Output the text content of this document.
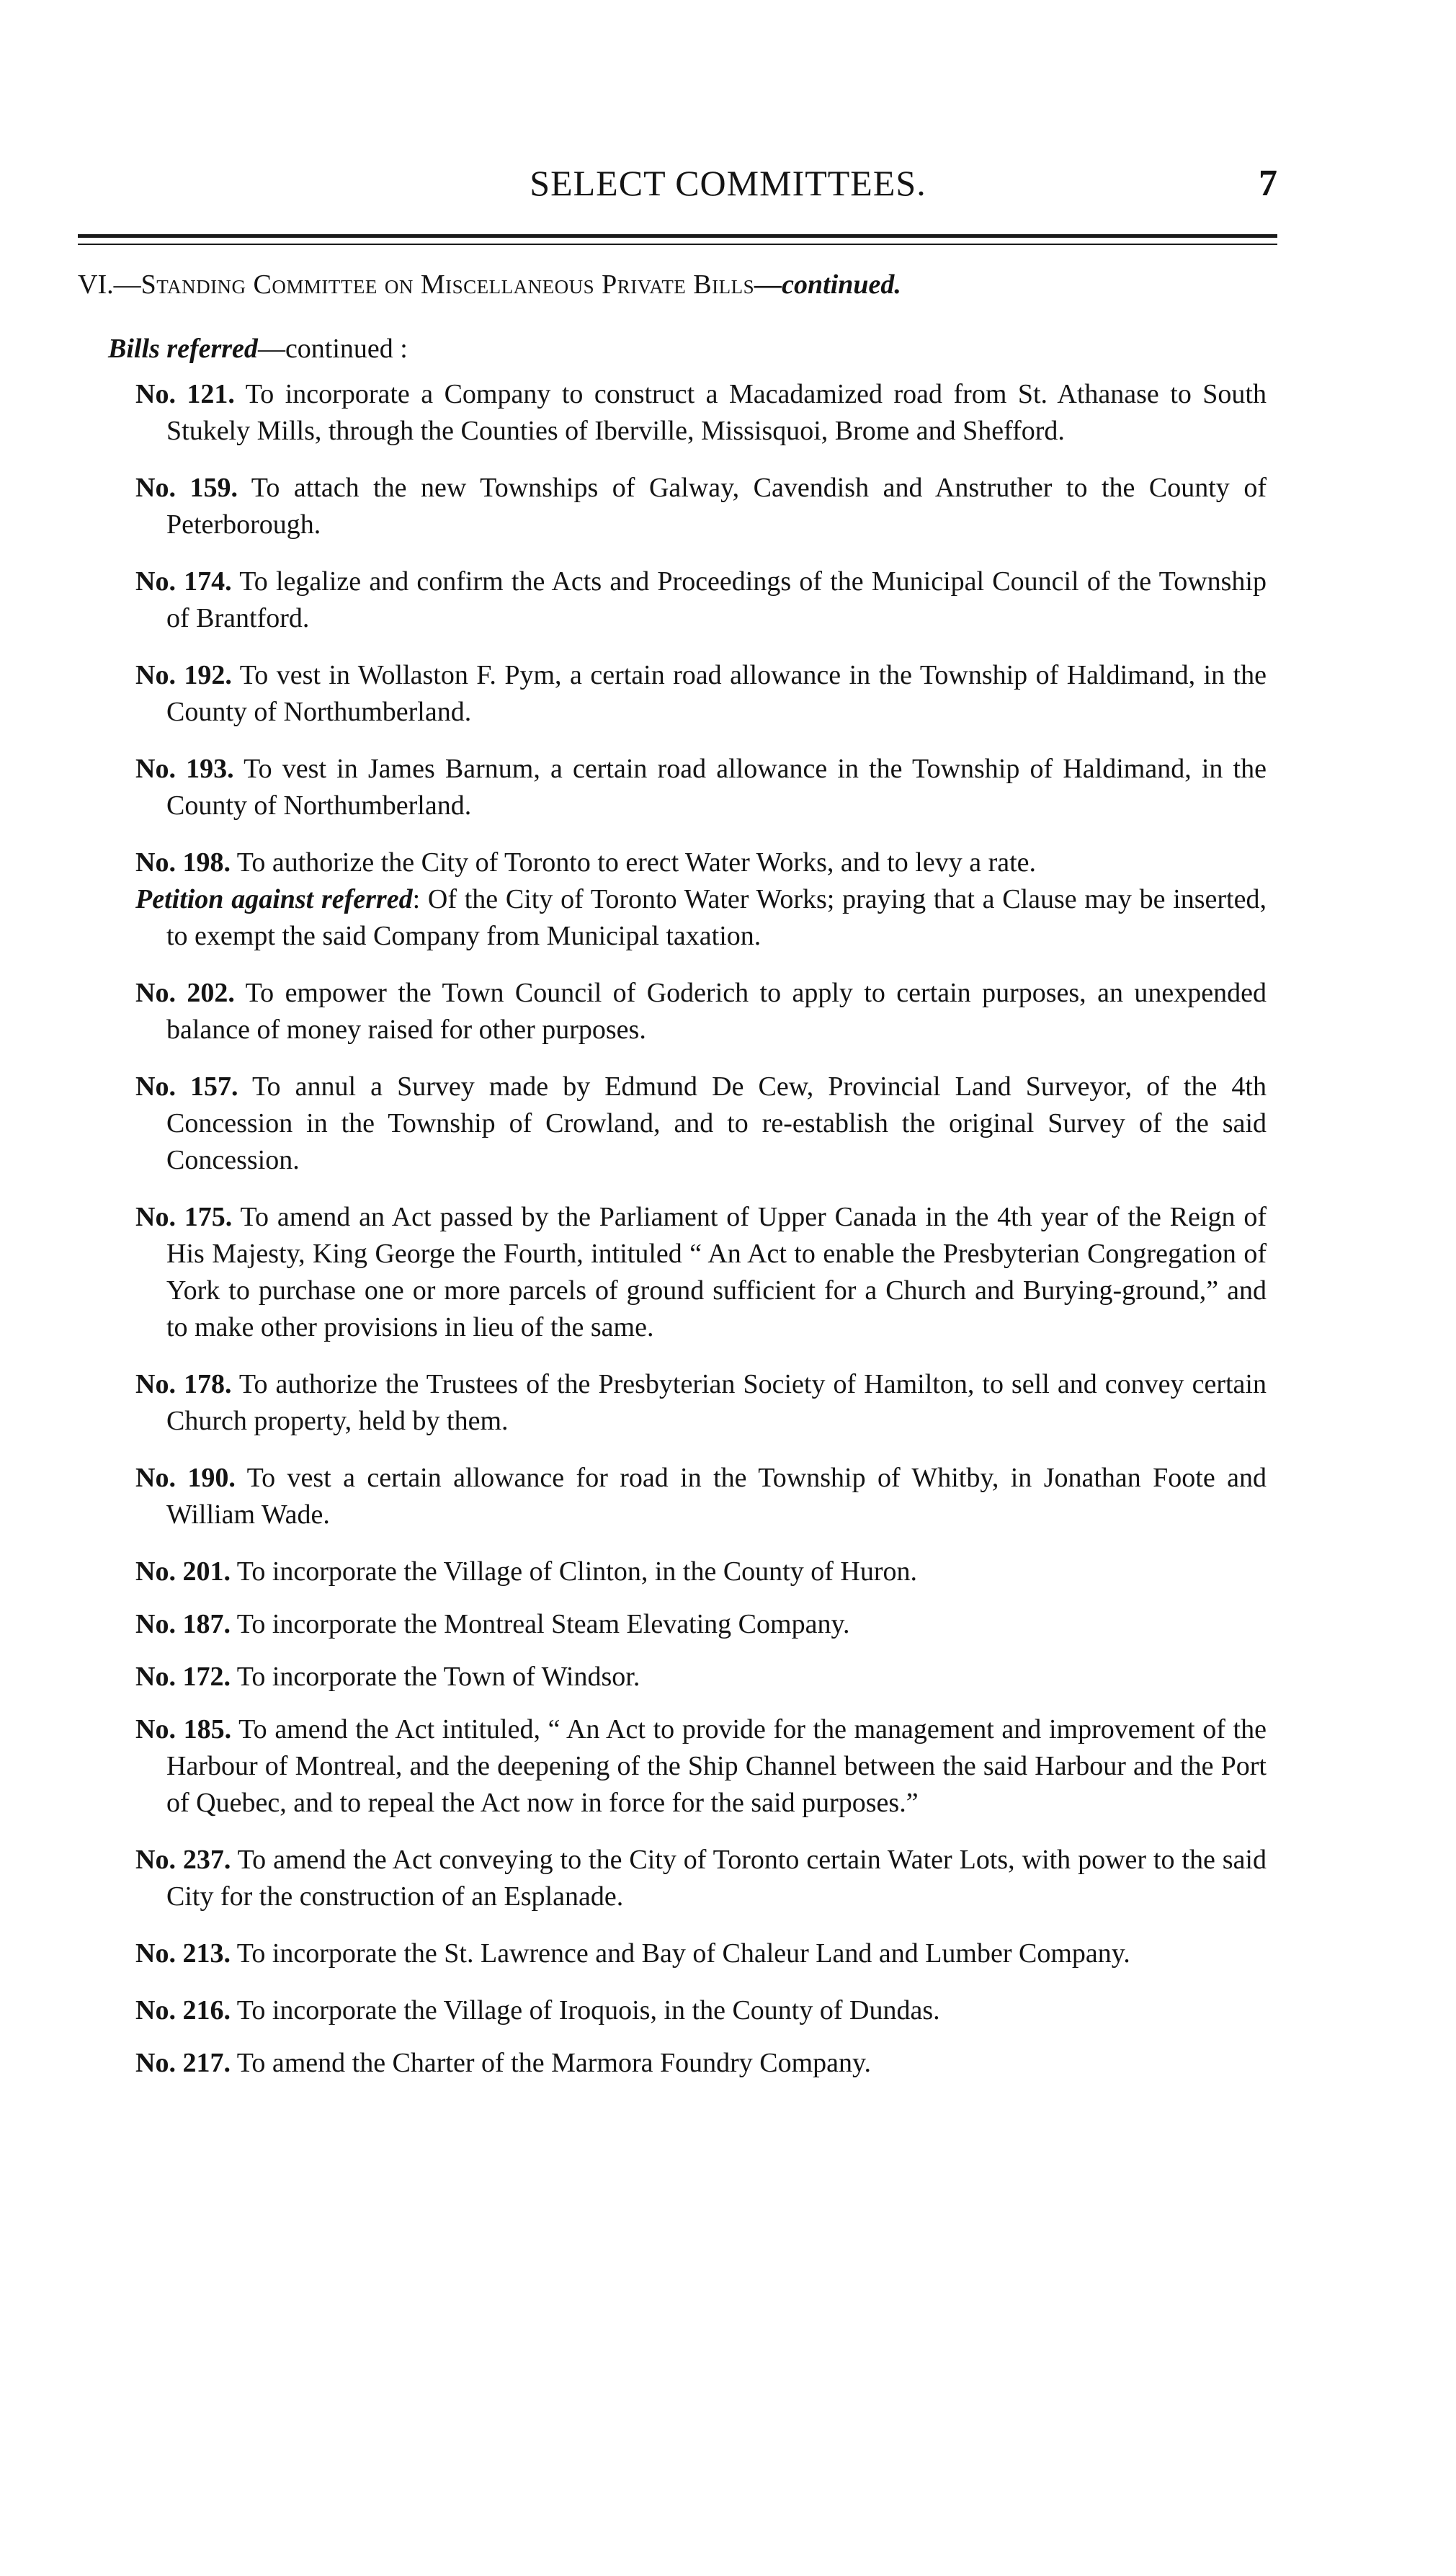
SELECT COMMITTEES.	7
VI.—Standing Committee on Miscellaneous Private Bills—continued.
Bills referred—continued :
No. 121. To incorporate a Company to construct a Macadamized road from St. Athanase to South Stukely Mills, through the Counties of Iberville, Missisquoi, Brome and Shefford.
No. 159. To attach the new Townships of Galway, Cavendish and Anstruther to the County of Peterborough.
No. 174. To legalize and confirm the Acts and Proceedings of the Municipal Council of the Township of Brantford.
No. 192. To vest in Wollaston F. Pym, a certain road allowance in the Township of Haldimand, in the County of Northumberland.
No. 193. To vest in James Barnum, a certain road allowance in the Township of Haldimand, in the County of Northumberland.
No. 198. To authorize the City of Toronto to erect Water Works, and to levy a rate.
Petition against referred: Of the City of Toronto Water Works; praying that a Clause may be inserted, to exempt the said Company from Municipal taxation.
No. 202. To empower the Town Council of Goderich to apply to certain purposes, an unexpended balance of money raised for other purposes.
No. 157. To annul a Survey made by Edmund De Cew, Provincial Land Surveyor, of the 4th Concession in the Township of Crowland, and to re-establish the original Survey of the said Concession.
No. 175. To amend an Act passed by the Parliament of Upper Canada in the 4th year of the Reign of His Majesty, King George the Fourth, intituled “ An Act to enable the Presbyterian Congregation of York to purchase one or more parcels of ground sufficient for a Church and Burying-ground,” and to make other provisions in lieu of the same.
No. 178. To authorize the Trustees of the Presbyterian Society of Hamilton, to sell and convey certain Church property, held by them.
No. 190. To vest a certain allowance for road in the Township of Whitby, in Jonathan Foote and William Wade.
No. 201. To incorporate the Village of Clinton, in the County of Huron.
No. 187. To incorporate the Montreal Steam Elevating Company.
No. 172. To incorporate the Town of Windsor.
No. 185. To amend the Act intituled, “ An Act to provide for the management and improvement of the Harbour of Montreal, and the deepening of the Ship Channel between the said Harbour and the Port of Quebec, and to repeal the Act now in force for the said purposes.”
No. 237. To amend the Act conveying to the City of Toronto certain Water Lots, with power to the said City for the construction of an Esplanade.
No. 213. To incorporate the St. Lawrence and Bay of Chaleur Land and Lumber Company.
No. 216. To incorporate the Village of Iroquois, in the County of Dundas.
No. 217. To amend the Charter of the Marmora Foundry Company.
